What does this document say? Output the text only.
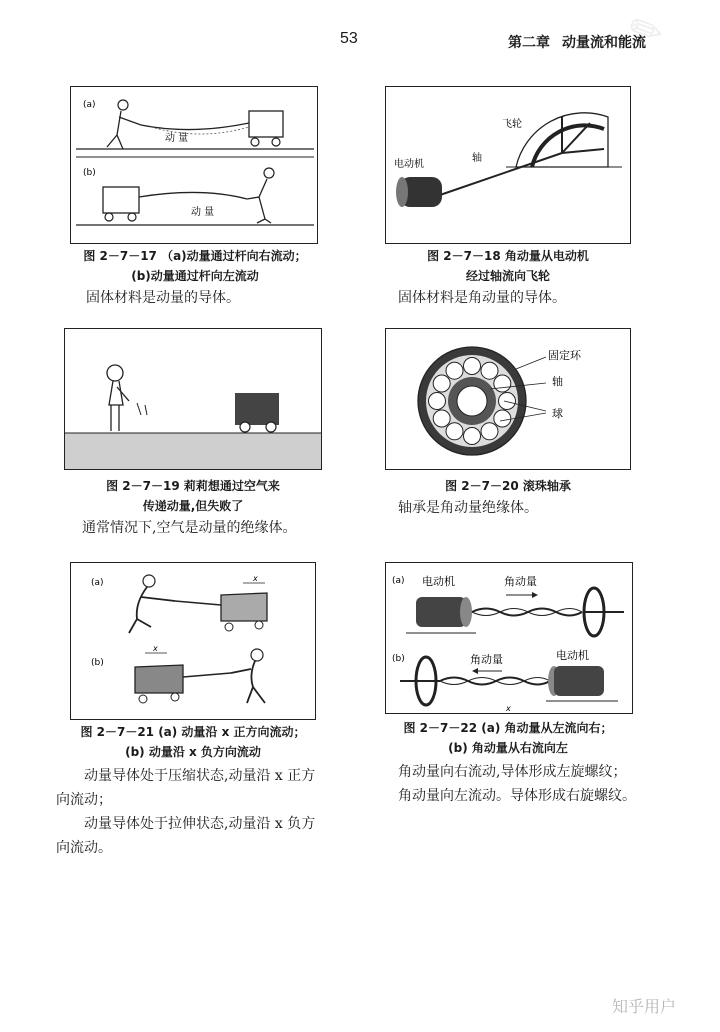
53	第二章 动量流和能流
✎
(a)
动 量
(b)
动 量
图 2－7－17 （a)动量通过杆向右流动；
(b)动量通过杆向左流动
固体材料是动量的导体。
电动机
轴
飞轮
图 2－7－18 角动量从电动机
经过轴流向飞轮
固体材料是角动量的导体。
图 2－7－19 莉莉想通过空气来
传递动量,但失败了
通常情况下,空气是动量的绝缘体。
固定环
轴
球
图 2－7－20 滚珠轴承
轴承是角动量绝缘体。
(a)	x
(b)
x
图 2－7－21 (a) 动量沿 x 正方向流动；
(b) 动量沿 x 负方向流动
动量导体处于压缩状态,动量沿 x 正方
向流动；
动量导体处于拉伸状态,动量沿 x 负方
向流动。
(a) 电动机	角动量
(b)	角动量	电动机
x
图 2－7－22 (a) 角动量从左流向右；
(b) 角动量从右流向左
角动量向右流动,导体形成左旋螺纹；
角动量向左流动。导体形成右旋螺纹。
知乎用户
